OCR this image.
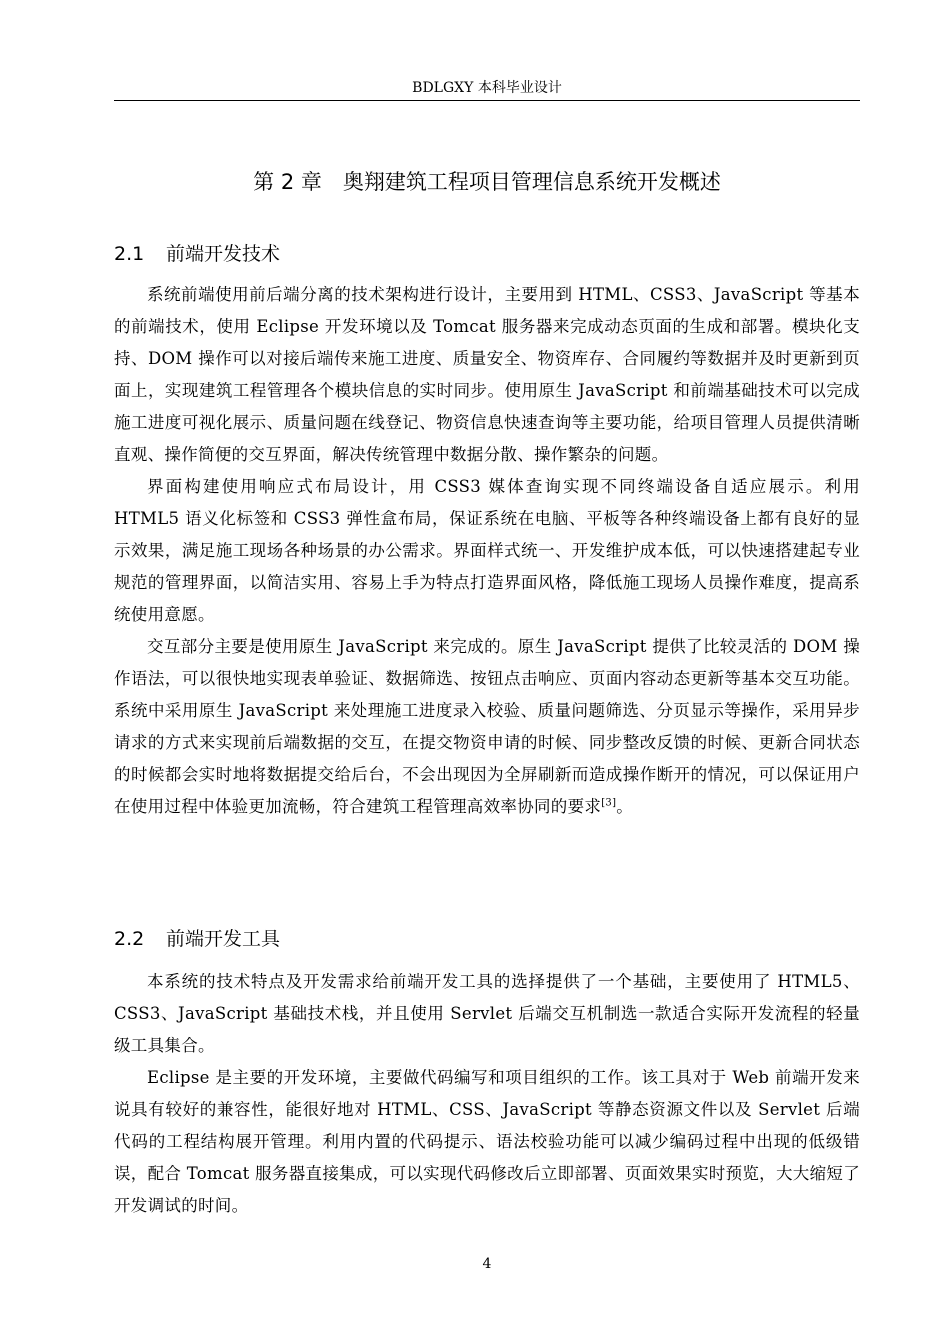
BDLGXY 本科毕业设计
第 2 章　奥翔建筑工程项目管理信息系统开发概述
2.1 前端开发技术

系统前端使用前后端分离的技术架构进行设计，主要用到 HTML、CSS3、JavaScript 等基本的前端技术，使用 Eclipse 开发环境以及 Tomcat 服务器来完成动态页面的生成和部署。模块化支持、DOM 操作可以对接后端传来施工进度、质量安全、物资库存、合同履约等数据并及时更新到页面上，实现建筑工程管理各个模块信息的实时同步。使用原生 JavaScript 和前端基础技术可以完成施工进度可视化展示、质量问题在线登记、物资信息快速查询等主要功能，给项目管理人员提供清晰直观、操作简便的交互界面，解决传统管理中数据分散、操作繁杂的问题。

界面构建使用响应式布局设计，用 CSS3 媒体查询实现不同终端设备自适应展示。利用 HTML5 语义化标签和 CSS3 弹性盒布局，保证系统在电脑、平板等各种终端设备上都有良好的显示效果，满足施工现场各种场景的办公需求。界面样式统一、开发维护成本低，可以快速搭建起专业规范的管理界面，以简洁实用、容易上手为特点打造界面风格，降低施工现场人员操作难度，提高系统使用意愿。

交互部分主要是使用原生 JavaScript 来完成的。原生 JavaScript 提供了比较灵活的 DOM 操作语法，可以很快地实现表单验证、数据筛选、按钮点击响应、页面内容动态更新等基本交互功能。系统中采用原生 JavaScript 来处理施工进度录入校验、质量问题筛选、分页显示等操作，采用异步请求的方式来实现前后端数据的交互，在提交物资申请的时候、同步整改反馈的时候、更新合同状态的时候都会实时地将数据提交给后台，不会出现因为全屏刷新而造成操作断开的情况，可以保证用户在使用过程中体验更加流畅，符合建筑工程管理高效率协同的要求[3]。

2.2 前端开发工具

本系统的技术特点及开发需求给前端开发工具的选择提供了一个基础，主要使用了 HTML5、CSS3、JavaScript 基础技术栈，并且使用 Servlet 后端交互机制选一款适合实际开发流程的轻量级工具集合。

Eclipse 是主要的开发环境，主要做代码编写和项目组织的工作。该工具对于 Web 前端开发来说具有较好的兼容性，能很好地对 HTML、CSS、JavaScript 等静态资源文件以及 Servlet 后端代码的工程结构展开管理。利用内置的代码提示、语法校验功能可以减少编码过程中出现的低级错误，配合 Tomcat 服务器直接集成，可以实现代码修改后立即部署、页面效果实时预览，大大缩短了开发调试的时间。

4
